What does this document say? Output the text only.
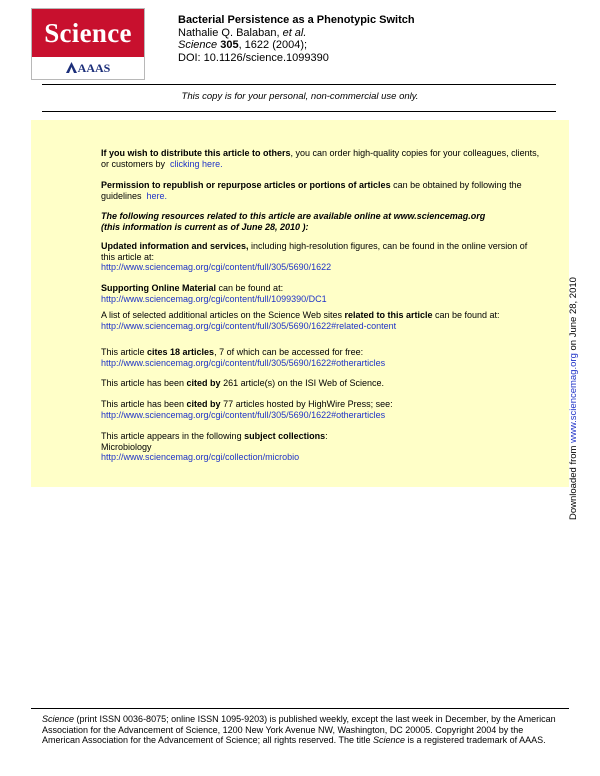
Science
AAAS
Bacterial Persistence as a Phenotypic Switch
Nathalie Q. Balaban, et al.
Science 305, 1622 (2004);
DOI: 10.1126/science.1099390
This copy is for your personal, non-commercial use only.
If you wish to distribute this article to others, you can order high-quality copies for your colleagues, clients, or customers by clicking here.
Permission to republish or repurpose articles or portions of articles can be obtained by following the guidelines here.
The following resources related to this article are available online at www.sciencemag.org
(this information is current as of June 28, 2010 ):
Updated information and services, including high-resolution figures, can be found in the online version of this article at:
http://www.sciencemag.org/cgi/content/full/305/5690/1622
Supporting Online Material can be found at:
http://www.sciencemag.org/cgi/content/full/1099390/DC1
A list of selected additional articles on the Science Web sites related to this article can be found at:
http://www.sciencemag.org/cgi/content/full/305/5690/1622#related-content
This article cites 18 articles, 7 of which can be accessed for free:
http://www.sciencemag.org/cgi/content/full/305/5690/1622#otherarticles
This article has been cited by 261 article(s) on the ISI Web of Science.
This article has been cited by 77 articles hosted by HighWire Press; see:
http://www.sciencemag.org/cgi/content/full/305/5690/1622#otherarticles
This article appears in the following subject collections:
Microbiology
http://www.sciencemag.org/cgi/collection/microbio	Downloaded from www.sciencemag.org on June 28, 2010
Science (print ISSN 0036-8075; online ISSN 1095-9203) is published weekly, except the last week in December, by the American Association for the Advancement of Science, 1200 New York Avenue NW, Washington, DC 20005. Copyright 2004 by the American Association for the Advancement of Science; all rights reserved. The title Science is a registered trademark of AAAS.
